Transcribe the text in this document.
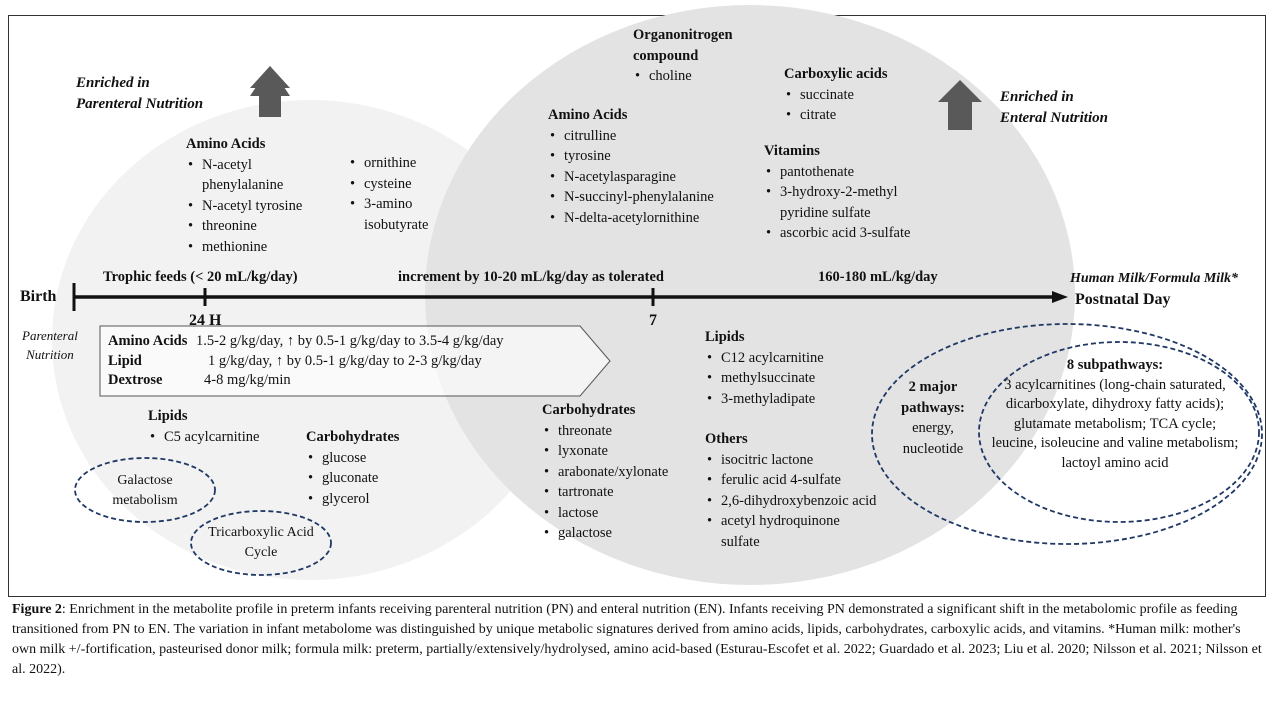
Enriched in
Parenteral Nutrition	Enriched in
Enteral Nutrition
Amino Acids
• N-acetyl phenylalanine
• N-acetyl tyrosine
• threonine
• methionine
• ornithine
• cysteine
• 3-amino isobutyrate
Organonitrogen
compound
• choline
Amino Acids
• citrulline
• tyrosine
• N-acetylasparagine
• N-succinyl-phenylalanine
• N-delta-acetylornithine
Carboxylic acids
• succinate
• citrate
Vitamins
• pantothenate
• 3-hydroxy-2-methyl pyridine sulfate
• ascorbic acid 3-sulfate
Trophic feeds (< 20 mL/kg/day)	increment by 10-20 mL/kg/day as tolerated	160-180 mL/kg/day	Human Milk/Formula Milk*
Birth
24 H	7
Postnatal Day
Parenteral
Nutrition
Amino Acids 1.5-2 g/kg/day, ↑ by 0.5-1 g/kg/day to 3.5-4 g/kg/day
Lipid	1 g/kg/day, ↑ by 0.5-1 g/kg/day to 2-3 g/kg/day
Dextrose	4-8 mg/kg/min
Lipids
• C5 acylcarnitine	Carbohydrates
• glucose
• gluconate
• glycerol
Galactose metabolism
Tricarboxylic Acid Cycle
Carbohydrates
• threonate
• lyxonate
• arabonate/xylonate
• tartronate
• lactose
• galactose
Lipids
• C12 acylcarnitine
• methylsuccinate
• 3-methyladipate
Others
• isocitric lactone
• ferulic acid 4-sulfate
• 2,6-dihydroxybenzoic acid
• acetyl hydroquinone sulfate
2 major pathways:
energy, nucleotide
8 subpathways:
3 acylcarnitines (long-chain saturated, dicarboxylate, dihydroxy fatty acids); glutamate metabolism; TCA cycle; leucine, isoleucine and valine metabolism; lactoyl amino acid
Figure 2: Enrichment in the metabolite profile in preterm infants receiving parenteral nutrition (PN) and enteral nutrition (EN). Infants receiving PN demonstrated a significant shift in the metabolomic profile as feeding transitioned from PN to EN. The variation in infant metabolome was distinguished by unique metabolic signatures derived from amino acids, lipids, carbohydrates, carboxylic acids, and vitamins. *Human milk: mother's own milk +/-fortification, pasteurised donor milk; formula milk: preterm, partially/extensively/hydrolysed, amino acid-based (Esturau-Escofet et al. 2022; Guardado et al. 2023; Liu et al. 2020; Nilsson et al. 2021; Nilsson et al. 2022).
